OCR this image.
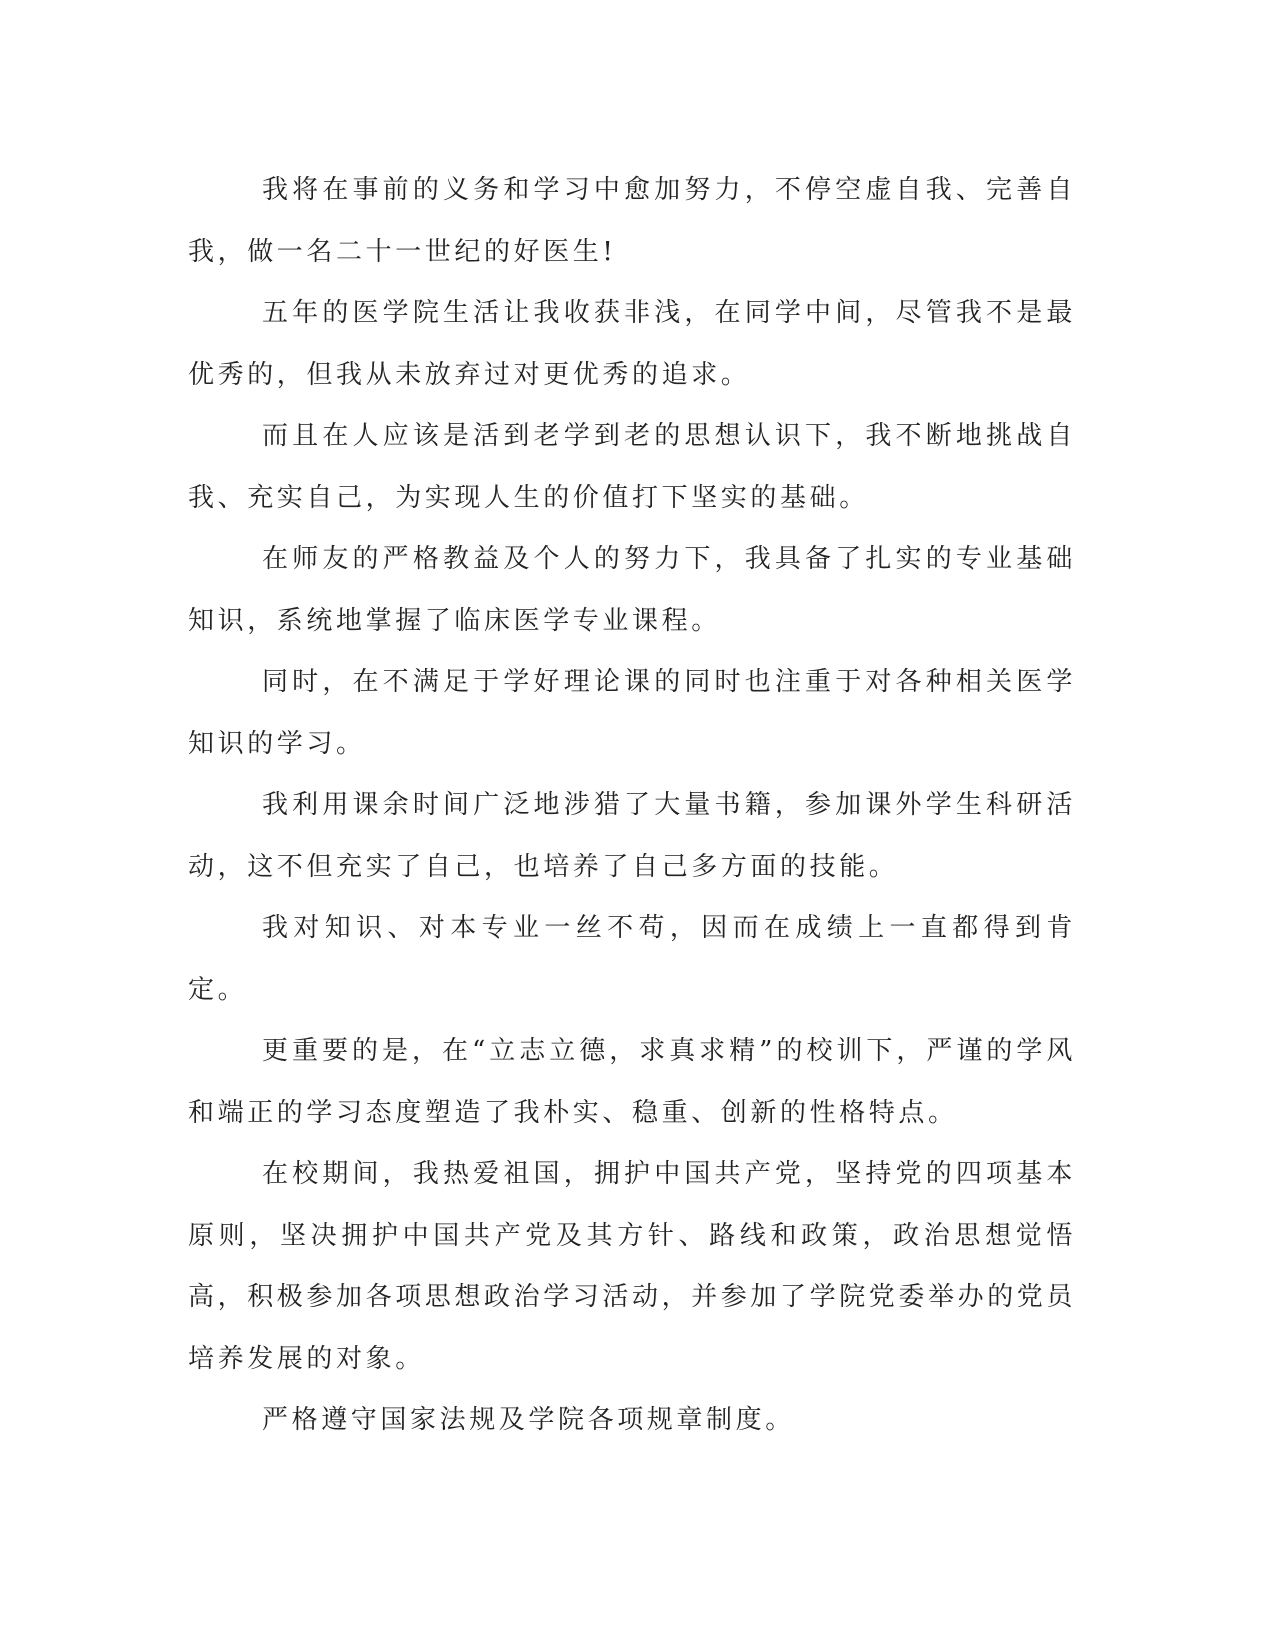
我将在事前的义务和学习中愈加努力，不停空虚自我、完善自我，做一名二十一世纪的好医生!

五年的医学院生活让我收获非浅，在同学中间，尽管我不是最优秀的，但我从未放弃过对更优秀的追求。

而且在人应该是活到老学到老的思想认识下，我不断地挑战自我、充实自己，为实现人生的价值打下坚实的基础。

在师友的严格教益及个人的努力下，我具备了扎实的专业基础知识，系统地掌握了临床医学专业课程。

同时，在不满足于学好理论课的同时也注重于对各种相关医学知识的学习。

我利用课余时间广泛地涉猎了大量书籍，参加课外学生科研活动，这不但充实了自己，也培养了自己多方面的技能。

我对知识、对本专业一丝不苟，因而在成绩上一直都得到肯定。

更重要的是，在“立志立德，求真求精”的校训下，严谨的学风和端正的学习态度塑造了我朴实、稳重、创新的性格特点。

在校期间，我热爱祖国，拥护中国共产党，坚持党的四项基本原则，坚决拥护中国共产党及其方针、路线和政策，政治思想觉悟高，积极参加各项思想政治学习活动，并参加了学院党委举办的党员培养发展的对象。

严格遵守国家法规及学院各项规章制度。
